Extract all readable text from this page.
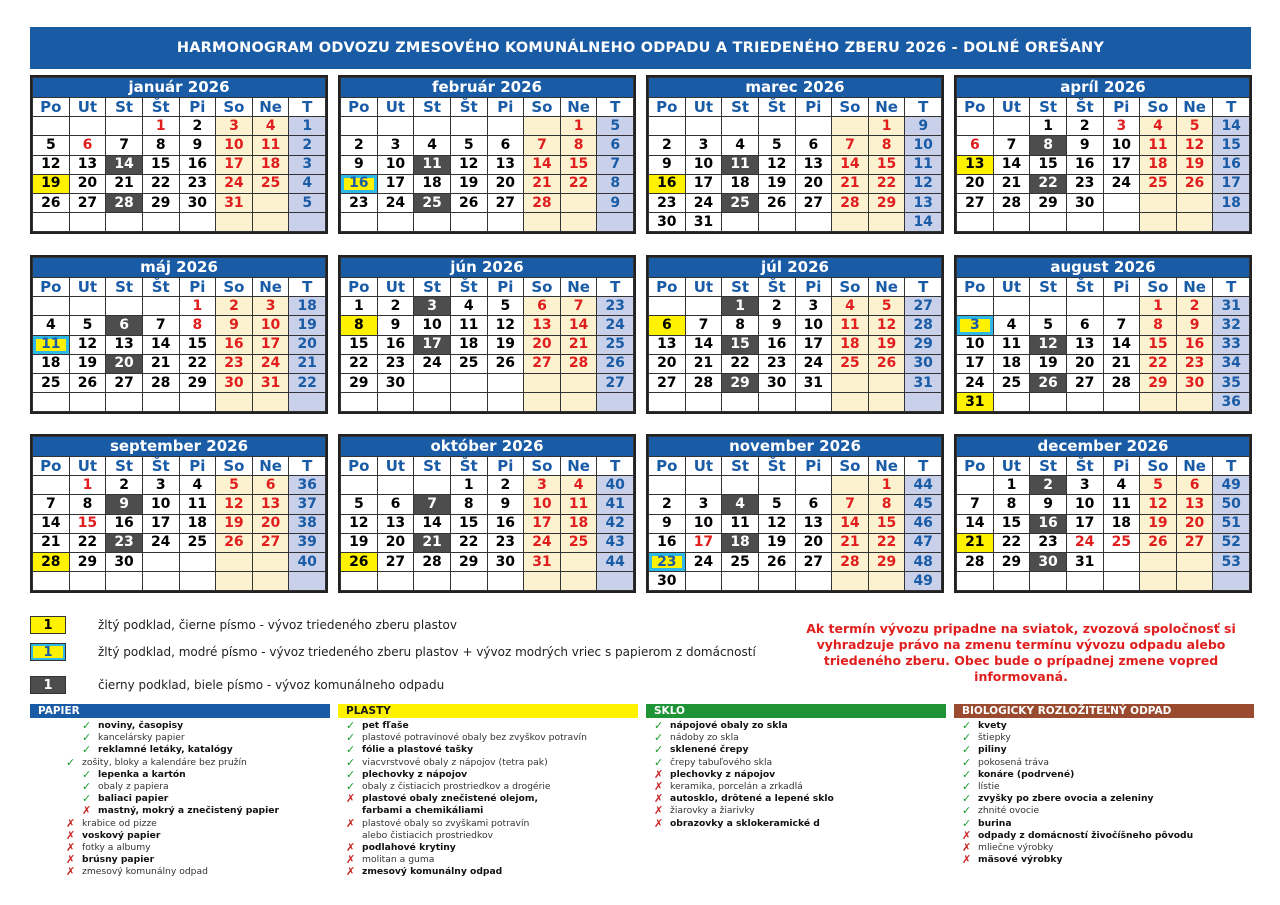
HARMONOGRAM ODVOZU ZMESOVÉHO KOMUNÁLNEHO ODPADU A TRIEDENÉHO ZBERU 2026 - DOLNÉ OREŠANY
január 2026							
Po	Ut	St	Št	Pi	So	Ne	T
			1	2	3	4	1
5	6	7	8	9	10	11	2
12	13	14	15	16	17	18	3
19	20	21	22	23	24	25	4
26	27	28	29	30	31		5

február 2026							
Po	Ut	St	Št	Pi	So	Ne	T
						1	5
2	3	4	5	6	7	8	6
9	10	11	12	13	14	15	7
16	17	18	19	20	21	22	8
23	24	25	26	27	28		9

marec 2026							
Po	Ut	St	Št	Pi	So	Ne	T
						1	9
2	3	4	5	6	7	8	10
9	10	11	12	13	14	15	11
16	17	18	19	20	21	22	12
23	24	25	26	27	28	29	13
30	31						14
apríl 2026							
Po	Ut	St	Št	Pi	So	Ne	T
		1	2	3	4	5	14
6	7	8	9	10	11	12	15
13	14	15	16	17	18	19	16
20	21	22	23	24	25	26	17
27	28	29	30				18

máj 2026							
Po	Ut	St	Št	Pi	So	Ne	T
				1	2	3	18
4	5	6	7	8	9	10	19
11	12	13	14	15	16	17	20
18	19	20	21	22	23	24	21
25	26	27	28	29	30	31	22

jún 2026							
Po	Ut	St	Št	Pi	So	Ne	T
1	2	3	4	5	6	7	23
8	9	10	11	12	13	14	24
15	16	17	18	19	20	21	25
22	23	24	25	26	27	28	26
29	30						27

júl 2026							
Po	Ut	St	Št	Pi	So	Ne	T
		1	2	3	4	5	27
6	7	8	9	10	11	12	28
13	14	15	16	17	18	19	29
20	21	22	23	24	25	26	30
27	28	29	30	31			31

august 2026							
Po	Ut	St	Št	Pi	So	Ne	T
					1	2	31
3	4	5	6	7	8	9	32
10	11	12	13	14	15	16	33
17	18	19	20	21	22	23	34
24	25	26	27	28	29	30	35
31							36
september 2026							
Po	Ut	St	Št	Pi	So	Ne	T
	1	2	3	4	5	6	36
7	8	9	10	11	12	13	37
14	15	16	17	18	19	20	38
21	22	23	24	25	26	27	39
28	29	30					40

október 2026							
Po	Ut	St	Št	Pi	So	Ne	T
			1	2	3	4	40
5	6	7	8	9	10	11	41
12	13	14	15	16	17	18	42
19	20	21	22	23	24	25	43
26	27	28	29	30	31		44

november 2026							
Po	Ut	St	Št	Pi	So	Ne	T
						1	44
2	3	4	5	6	7	8	45
9	10	11	12	13	14	15	46
16	17	18	19	20	21	22	47
23	24	25	26	27	28	29	48
30							49
december 2026							
Po	Ut	St	Št	Pi	So	Ne	T
	1	2	3	4	5	6	49
7	8	9	10	11	12	13	50
14	15	16	17	18	19	20	51
21	22	23	24	25	26	27	52
28	29	30	31				53

1	žltý podklad, čierne písmo - vývoz triedeného zberu plastov
1	žltý podklad, modré písmo - vývoz triedeného zberu plastov + vývoz modrých vriec s papierom z domácností
1	čierny podklad, biele písmo - vývoz komunálneho odpadu
Ak termín vývozu pripadne na sviatok, zvozová spoločnosť si vyhradzuje právo na zmenu termínu vývozu odpadu alebo triedeného zberu. Obec bude o prípadnej zmene vopred informovaná.
PAPIER
✓ noviny, časopisy
✓ kancelársky papier
✓ reklamné letáky, katalógy
✓ zošity, bloky a kalendáre bez pružín
✓ lepenka a kartón
✓ obaly z papiera
✓ baliaci papier
✗ mastný, mokrý a znečistený papier
✗ krabice od pizze
✗ voskový papier
✗ fotky a albumy
✗ brúsny papier
✗ zmesový komunálny odpad
PLASTY
✓ pet fľaše
✓ plastové potravinové obaly bez zvyškov potravín
✓ fólie a plastové tašky
✓ viacvrstvové obaly z nápojov (tetra pak)
✓ plechovky z nápojov
✓ obaly z čistiacich prostriedkov a drogérie
✗ plastové obaly znečistené olejom,
farbami a chemikáliami
✗ plastové obaly so zvyškami potravín
alebo čistiacich prostriedkov
✗ podlahové krytiny
✗ molitan a guma
✗ zmesový komunálny odpad
SKLO
✓ nápojové obaly zo skla
✓ nádoby zo skla
✓ sklenené črepy
✓ črepy tabuľového skla
✗ plechovky z nápojov
✗ keramika, porcelán a zrkadlá
✗ autosklo, drôtené a lepené sklo
✗ žiarovky a žiarivky
✗ obrazovky a sklokeramické d
BIOLOGICKY ROZLOŽITEĽNÝ ODPAD
✓ kvety
✓ štiepky
✓ piliny
✓ pokosená tráva
✓ konáre (podrvené)
✓ lístie
✓ zvyšky po zbere ovocia a zeleniny
✓ zhnité ovocie
✓ burina
✗ odpady z domácností živočíšneho pôvodu
✗ mliečne výrobky
✗ mäsové výrobky
